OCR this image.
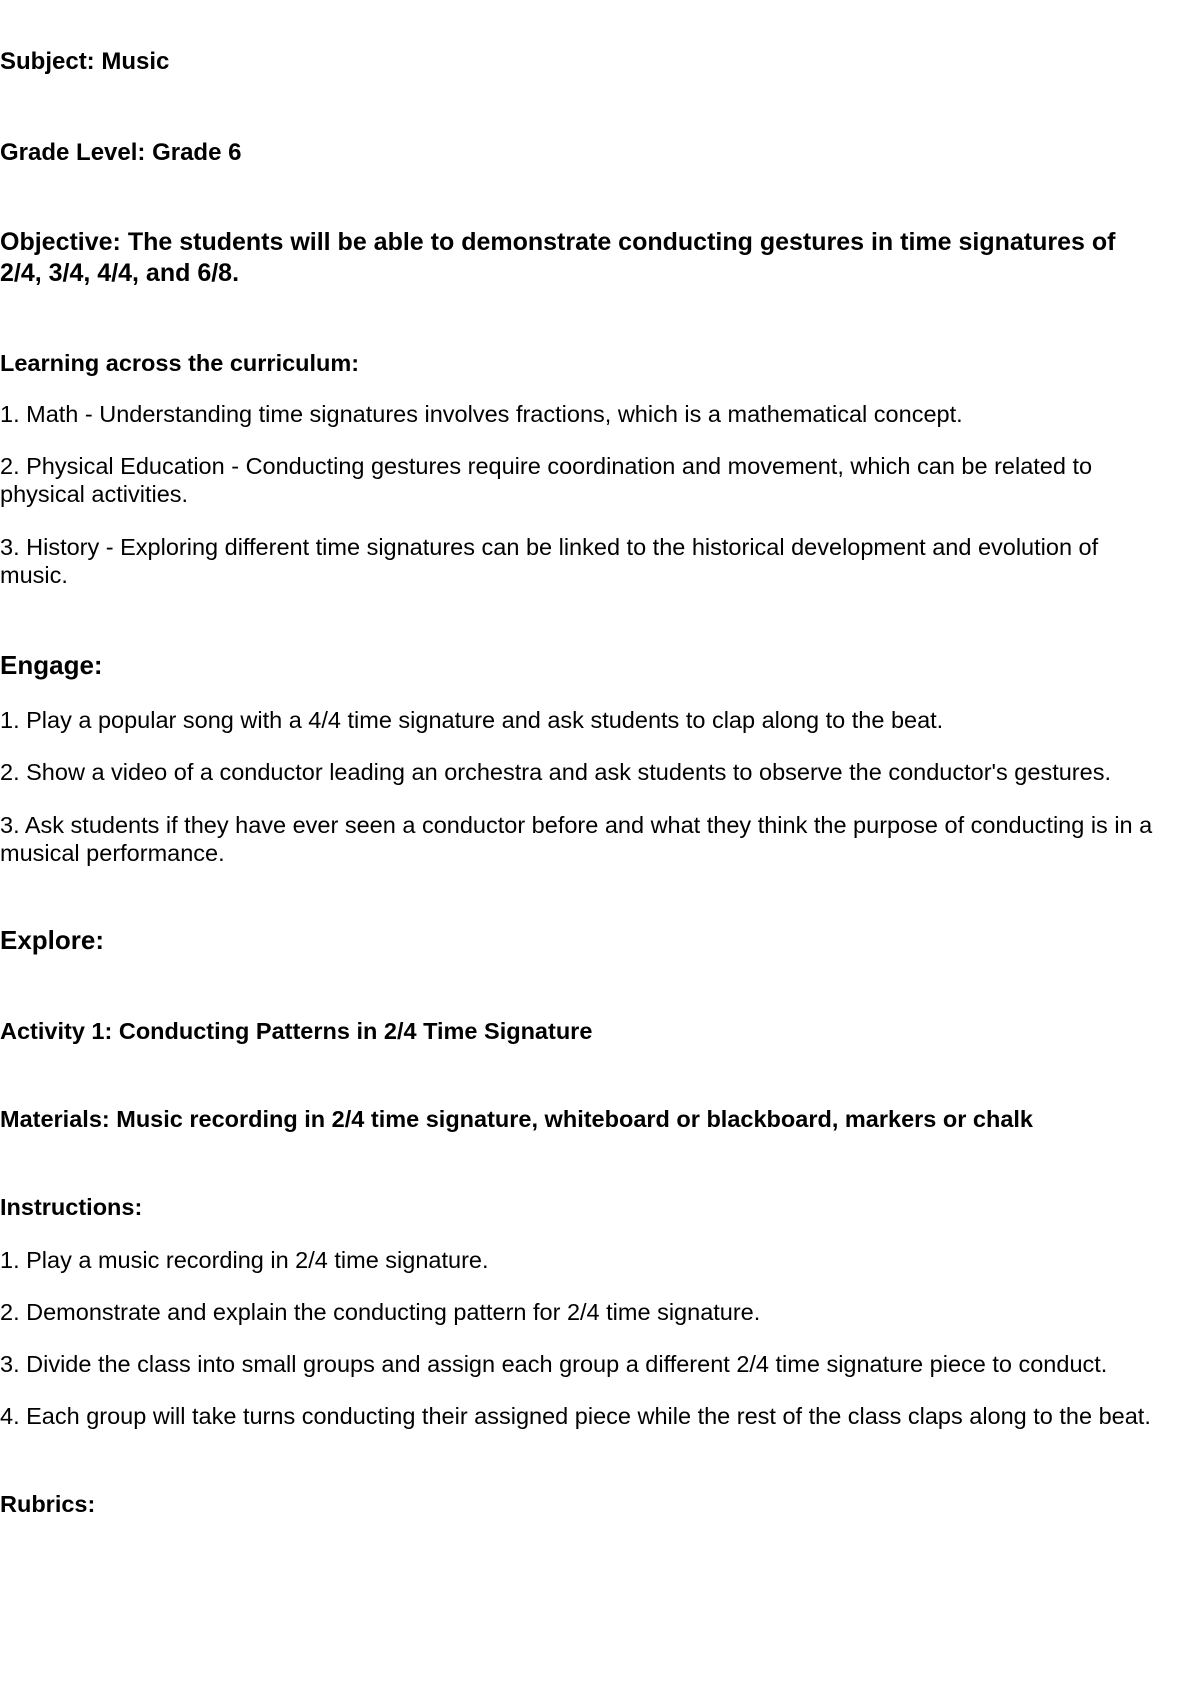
Subject: Music

Grade Level: Grade 6

Objective: The students will be able to demonstrate conducting gestures in time signatures of

2/4, 3/4, 4/4, and 6/8.

Learning across the curriculum:

1. Math - Understanding time signatures involves fractions, which is a mathematical concept.

2. Physical Education - Conducting gestures require coordination and movement, which can be related to

physical activities.

3. History - Exploring different time signatures can be linked to the historical development and evolution of

music.

Engage:

1. Play a popular song with a 4/4 time signature and ask students to clap along to the beat.

2. Show a video of a conductor leading an orchestra and ask students to observe the conductor's gestures.

3. Ask students if they have ever seen a conductor before and what they think the purpose of conducting is in a

musical performance.

Explore:

Activity 1: Conducting Patterns in 2/4 Time Signature

Materials: Music recording in 2/4 time signature, whiteboard or blackboard, markers or chalk

Instructions:

1. Play a music recording in 2/4 time signature.

2. Demonstrate and explain the conducting pattern for 2/4 time signature.

3. Divide the class into small groups and assign each group a different 2/4 time signature piece to conduct.

4. Each group will take turns conducting their assigned piece while the rest of the class claps along to the beat.

Rubrics:
